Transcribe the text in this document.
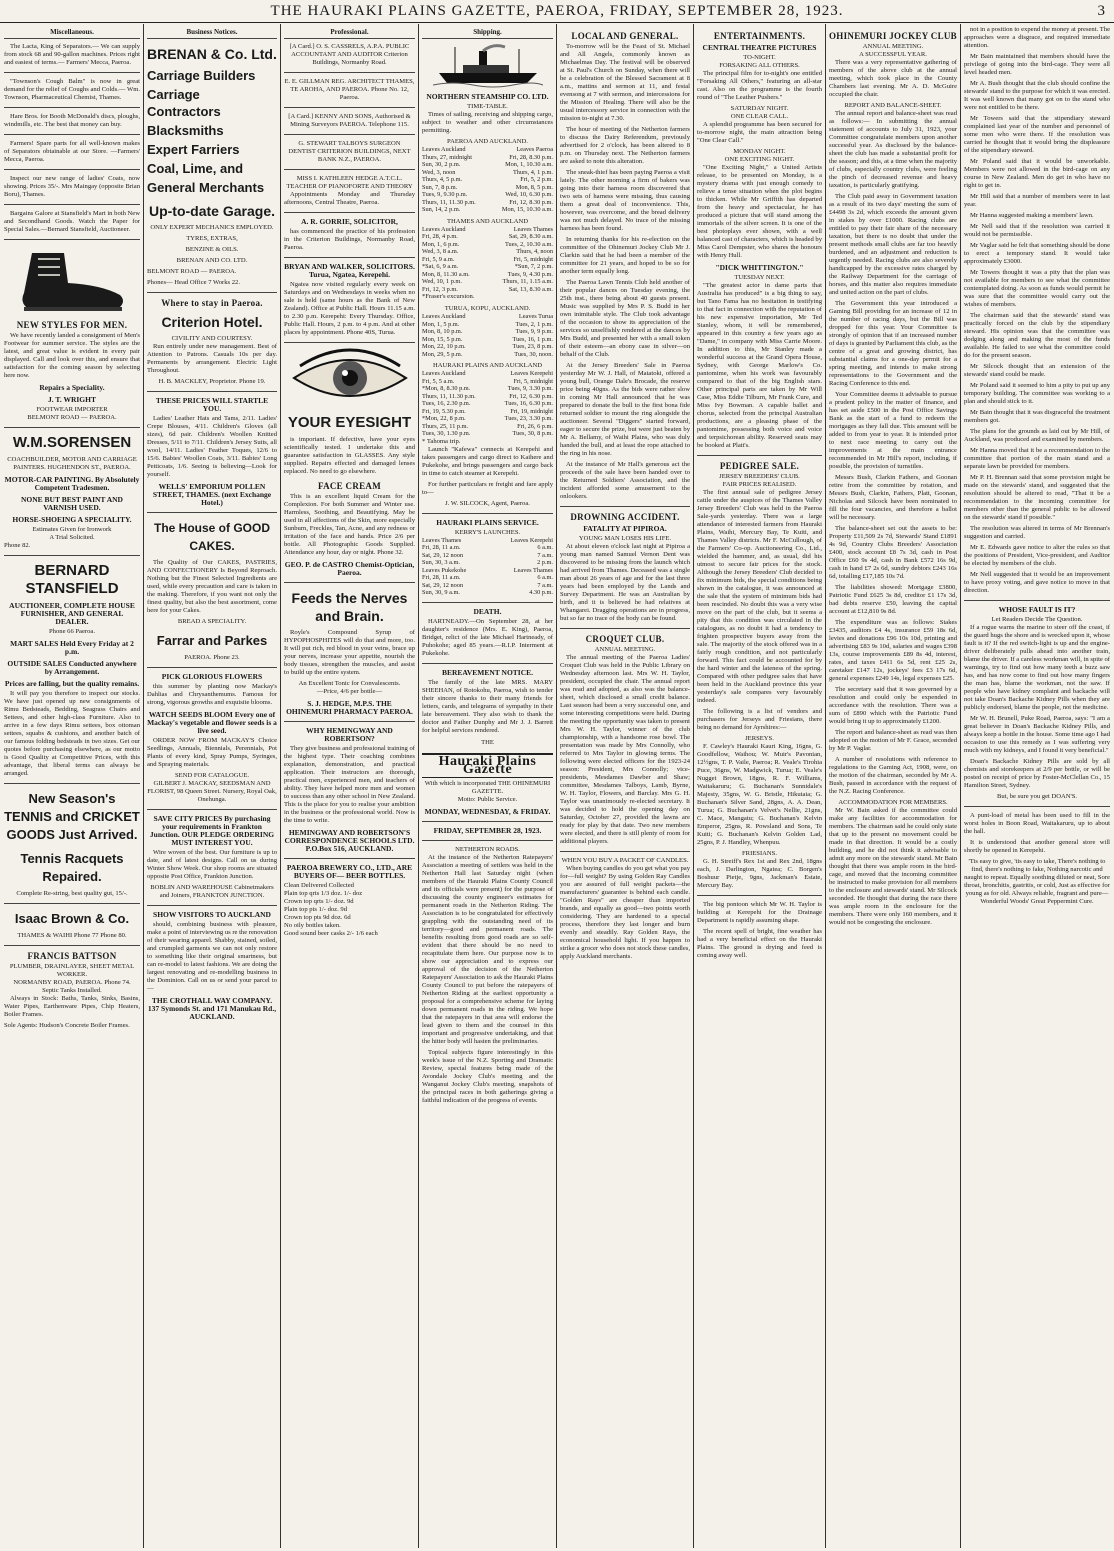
THE HAURAKI PLAINS GAZETTE, PAEROA, FRIDAY, SEPTEMBER 28, 1923.	3
Miscellaneous.

The Lacta, King of Separators.— We can supply from stock 68 and 90-gallon machines. Prices right and easiest of terms.— Farmers' Mecca, Paeroa.

"Townson's Cough Balm" is now in great demand for the relief of Coughs and Colds.— Wm. Townson, Pharmaceutical Chemist, Thames.

Hare Bros. for Booth McDonald's discs, ploughs, windmills, etc. The best that money can buy.

Farmers! Spare parts for all well-known makes of Separators obtainable at our Store. —Farmers' Mecca, Paeroa.

Inspect our new range of ladies' Coats, now showing. Prices 35/-. Mrs Maingay (opposite Brian Boru), Thames.

Bargains Galore at Stansfield's Mart in both New and Secondhand Goods. Watch the Paper for Special Sales.—Bernard Stansfield, Auctioneer.

NEW STYLES FOR MEN.

We have recently landed a consignment of Men's Footwear for summer service. The styles are the latest, and great value is evident in every pair displayed. Call and look over this, and ensure that satisfaction for the coming season by selecting here now.

Repairs a Speciality.
J. T. WRIGHT
FOOTWEAR IMPORTER
BELMONT ROAD — PAEROA.
W.M.SORENSEN
COACHBUILDER, MOTOR AND CARRIAGE PAINTERS. HUGHENDON ST., PAEROA.
MOTOR-CAR PAINTING. By Absolutely Competent Tradesmen.
NONE BUT BEST PAINT AND VARNISH USED.
HORSE-SHOEING A SPECIALITY.
Estimates Given for Ironwork
A Trial Solicited.
Phone 82.
BERNARD STANSFIELD
AUCTIONEER, COMPLETE HOUSE FURNISHER, AND GENERAL DEALER.
Phone 66 Paeroa.
MART SALES Held Every Friday at 2 p.m.
OUTSIDE SALES Conducted anywhere by Arrangement.
Prices are falling, but the quality remains.

It will pay you therefore to inspect our stocks. We have just opened up new consignments of Rimu Bedsteads, Bedding, Seagrass Chairs and Settees, and other high-class Furniture. Also to arrive in a few days Rimu settees, box ottoman settees, squabs & cushions, and another batch of our famous folding bedsteads in two sizes. Get our quotes before purchasing elsewhere, as our motto is Good Quality at Competitive Prices, with this advantage, that liberal terms can always be arranged.

New Season's TENNIS and CRICKET GOODS Just Arrived.
Tennis Racquets Repaired.
Complete Re-string, best quality gut, 15/-.
Isaac Brown & Co.
THAMES & WAIHI Phone 77 Phone 80.
FRANCIS BATTSON
PLUMBER, DRAINLAYER, SHEET METAL WORKER.
NORMANBY ROAD, PAEROA. Phone 74.
Septic Tanks Installed.

Always in Stock: Baths, Tanks, Sinks, Basins, Water Pipes, Earthenware Pipes, Chip Heaters, Boiler Frames.

Sole Agents: Hudson's Concrete Boiler Frames.
Business Notices.
BRENAN & Co. Ltd.
Carriage Builders
Carriage Contractors
Blacksmiths
Expert Farriers
Coal, Lime, and
General Merchants
Up-to-date Garage.
ONLY EXPERT MECHANICS EMPLOYED.
TYRES, EXTRAS,
BENZINE & OILS.
BRENAN AND CO. LTD.
BELMONT ROAD — PAEROA.
Phones— Head Office 7 Works 22.
Where to stay in Paeroa.
Criterion Hotel.
CIVILITY AND COURTESY.

Run entirely under new management. Best of Attention to Patrons. Casuals 10s per day. Permanents by arrangement. Electric Light Throughout.

H. B. MACKLEY, Proprietor. Phone 19.
THESE PRICES WILL STARTLE YOU.

Ladies' Leather Hats and Tams, 2/11. Ladies' Crepe Blouses, 4/11. Children's Gloves (all sizes), 6d pair. Children's Woollen Knitted Dresses, 5/11 to 7/11. Children's Jersey Suits, all wool, 14/11. Ladies' Feather Toques, 12/6 to 15/6. Babies' Woollen Coats, 3/11. Babies' Long Petticoats, 1/6. Seeing is believing—Look for yourself.

WELLS' EMPORIUM POLLEN STREET, THAMES. (next Exchange Hotel.)
The House of GOOD CAKES.

The Quality of Our CAKES, PASTRIES, AND CONFECTIONERY Is Beyond Reproach. Nothing but the Finest Selected Ingredients are used, while every precaution and care is taken in the making. Therefore, if you want not only the finest quality, but also the best assortment, come here for your Cakes.

BREAD A SPECIALITY.
Farrar and Parkes
PAEROA. Phone 23.
PICK GLORIOUS FLOWERS

this summer by planting now Mackay's Dahlias and Chrysanthemums. Famous for strong, vigorous growths and exquisite blooms.

WATCH SEEDS BLOOM Every one of Mackay's vegetable and flower seeds is a live seed.

ORDER NOW FROM MACKAY'S Choice Seedlings, Annuals, Biennials, Perennials, Pot Plants of every kind, Spray Pumps, Syringes, and Spraying materials.

SEND FOR CATALOGUE.
GILBERT J. MACKAY, SEEDSMAN AND FLORIST, 98 Queen Street. Nursery, Royal Oak, Onehunga.
SAVE CITY PRICES By purchasing your requirements in Frankton Junction. OUR PLEDGE ORDERING MUST INTEREST YOU.

Wire woven of the best. Our furniture is up to date, and of latest designs. Call on us during Winter Show Week. Our shop rooms are situated opposite Post Office, Frankton Junction.

BOBLIN AND WAREHOUSE Cabinetmakers and Joiners, FRANKTON JUNCTION.
SHOW VISITORS TO AUCKLAND

should, combining business with pleasure, make a point of interviewing us re the renovation of their wearing apparel. Shabby, stained, soiled, and crumpled garments we can not only restore to something like their original smartness, but can re-model to latest fashions. We are doing the largest renovating and re-modelling business in the Dominion. Call on us or send your parcel to—

THE CROTHALL WAY COMPANY. 137 Symonds St. and 171 Manukau Rd., AUCKLAND.
Professional.
[A Card.] O. S. CASSRELS, A.P.A. PUBLIC ACCOUNTANT AND AUDITOR Criterion Buildings, Normanby Road.
E. E. GILLMAN REG. ARCHITECT THAMES, TE AROHA, AND PAEROA. Phone No. 12, Paeroa.
[A Card.] KENNY AND SONS, Authorised & Mining Surveyors PAEROA. Telephone 115.
G. STEWART TALBOYS SURGEON DENTIST CRITERION BUILDINGS, NEXT BANK N.Z., PAEROA.
MISS I. KATHLEEN HEDGE A.T.C.L. TEACHER OF PIANOFORTE AND THEORY

Appointments Monday and Thursday afternoons, Central Theatre, Paeroa.

A. R. GORRIE, SOLICITOR,

has commenced the practice of his profession in the Criterion Buildings, Normanby Road, Paeroa.

BRYAN AND WALKER, SOLICITORS. Turua, Ngatea, Kerepehi.

Ngatea now visited regularly every week on Saturdays and on Wednesdays in weeks when no sale is held (same hours as the Bank of New Zealand). Office at Public Hall. Hours 11.15 a.m. to 2.30 p.m. Kerepehi: Every Thursday. Office, Public Hall. Hours, 2 p.m. to 4 p.m. And at other places by appointment. Phone 40S, Turua.

YOUR EYESIGHT

is important. If defective, have your eyes scientifically tested. I undertake this and guarantee satisfaction in GLASSES. Any style supplied. Repairs effected and damaged lenses replaced. No need to go elsewhere.

FACE CREAM

This is an excellent liquid Cream for the Complexion. For both Summer and Winter use. Harmless, Soothing, and Beautifying. May be used in all affections of the Skin, more especially Sunburn, Freckles, Tan, Acne, and any redness or irritation of the face and hands. Price 2/6 per bottle. All Photographic Goods Supplied. Attendance any hour, day or night. Phone 32.

GEO. P. de CASTRO Chemist-Optician, Paeroa.
Feeds the Nerves and Brain.

Royle's Compound Syrup of HYPOPHOSPHITES will do that and more, too. It will put rich, red blood in your veins, brace up your nerves, increase your appetite, nourish the body tissues, strengthen the muscles, and assist to build up the entire system.

An Excellent Tonic for Convalescents.
—Price, 4/6 per bottle—
S. J. HEDGE, M.P.S. THE OHINEMURI PHARMACY PAEROA.
WHY HEMINGWAY AND ROBERTSON?

They give business and professional training of the highest type. Their coaching combines explanation, demonstration, and practical application. Their instructors are thorough, practical men, experienced men, and teachers of ability. They have helped more men and women to success than any other school in New Zealand. This is the place for you to realise your ambition in the business or the professional world. Now is the time to write.

HEMINGWAY AND ROBERTSON'S CORRESPONDENCE SCHOOLS LTD. P.O.Box 516, AUCKLAND.
PAEROA BREWERY CO., LTD., ARE BUYERS OF— BEER BOTTLES.
Clean Delivered Collected
Plain top qrts 1/3 doz. 1/- doz
Crown top qrts 1/- doz. 9d
Plain top pts 1/- doz. 9d
Crown top pts 9d doz. 6d
No oily bottles taken.
Good sound beer casks 2/- 1/6 each
Shipping.
NORTHERN STEAMSHIP CO. LTD.
TIME-TABLE.

Times of sailing, receiving and shipping cargo, subject to weather and other circumstances permitting.

PAEROA AND AUCKLAND.
Leaves Auckland	Leaves Paeroa
Thurs, 27, midnight	Fri, 28, 8.30 p.m.
Sun, 30, 2 p.m.	Mon, 1, 10.30 a.m.
Wed, 3, noon	Thurs, 4, 1 p.m.
Thurs, 4, 5 p.m.	Fri, 5, 2 p.m.
Sun, 7, 8 p.m.	Mon, 8, 5 p.m.
Tues, 9, 9.30 p.m.	Wed, 10, 6.30 p.m.
Thurs, 11, 11.30 p.m.	Fri, 12, 8.30 p.m.
Sun, 14, 2 p.m.	Mon, 15, 10.30 a.m.
THAMES AND AUCKLAND
Leaves Auckland	Leaves Thames
Fri, 28, 4 p.m.	Sat, 29, 8.30 a.m.
Mon, 1, 6 p.m.	Tues, 2, 10.30 a.m.
Wed, 3, 8 a.m.	Thurs, 4, noon
Fri, 5, 9 a.m.	Fri, 5, midnight
*Sat, 6, 9 a.m.	*Sun, 7, 2 p.m.
Mon, 8, 11.30 a.m.	Tues, 9, 4.30 p.m.
Wed, 10, 1 p.m.	Thurs, 11, 1.15 a.m.
Fri, 12, 3 p.m.	Sat, 13, 8.30 a.m.
*Fraser's excursion.
TURUA, KOPU, AUCKLAND.
Leaves Auckland	Leaves Turua
Mon, 1, 5 p.m.	Tues, 2, 1 p.m.
Mon, 8, 10 p.m.	Tues, 9, 9 p.m.
Mon, 15, 5 p.m.	Tues, 16, 1 p.m.
Mon, 22, 10 p.m.	Tues, 23, 8 p.m.
Mon, 29, 5 p.m.	Tues, 30, noon.
HAURAKI PLAINS AND AUCKLAND
Leaves Auckland	Leaves Kerepehi
Fri, 5, 5 a.m.	Fri, 5, midnight
*Mon, 8, 8.30 p.m.	Tues, 9, 3.30 p.m.
Thurs, 11, 11.30 p.m.	Fri, 12, 6.30 p.m.
Tues, 16, 2.30 p.m.	Tues, 16, 6.30 p.m.
Fri, 19, 5.30 p.m.	Fri, 19, midnight
*Mon, 22, 8 p.m.	Tues, 23, 3.30 p.m.
Thurs, 25, 11 p.m.	Fri, 26, 6 p.m.
Tues, 30, 1.30 p.m.	Tues, 30, 8 p.m.
* Tahoma trip.

Launch "Kafewa" connects at Kerepehi and takes passengers and cargo direct to Kaihere and Pukekohe, and brings passengers and cargo back in time to catch steamer at Kerepehi.

For further particulars re freight and fare apply to—

J. W. SILCOCK, Agent, Paeroa.
HAURAKI PLAINS SERVICE.
KERRY'S LAUNCHES.
Leaves Thames	Leaves Kerepehi
Fri, 28, 11 a.m.	6 a.m.
Sat, 29, 12 noon	7 a.m.
Sun, 30, 3 a.m.	2 p.m.
Leaves Pukekohe	Leaves Thames
Fri, 28, 11 a.m.	6 a.m.
Sat, 29, 12 noon	7 a.m.
Sun, 30, 9 a.m.	4.30 p.m.
DEATH.

HARTNEADY.—On September 28, at her daughter's residence (Mrs. E. King), Paeroa, Bridget, relict of the late Michael Hartneady, of Puhokohe; aged 85 years.—R.I.P. Interment at Pukekohe.

BEREAVEMENT NOTICE.

The family of the late MRS. MARY SHEEHAN, of Rotokohu, Paeroa, wish to tender their sincere thanks to their many friends for letters, cards, and telegrams of sympathy in their late bereavement. They also wish to thank the doctor and Father Dunphy and Mr J. J. Barrett for helpful services rendered.

THE
Hauraki Plains Gazette
With which is incorporated THE OHINEMURI GAZETTE.
Motto: Public Service.
MONDAY, WEDNESDAY, & FRIDAY.
FRIDAY, SEPTEMBER 28, 1923.
NETHERTON ROADS.

At the instance of the Netherton Ratepayers' Association a meeting of settlers was held in the Netherton Hall last Saturday night (when members of the Hauraki Plains County Council and its officials were present) for the purpose of discussing the county engineer's estimates for permanent roads in the Netherton Riding. The Association is to be congratulated for effectively grappling with the outstanding need of its territory—good and permanent roads. The benefits resulting from good roads are so self-evident that there should be no need to recapitulate them here. Our purpose now is to show our appreciation and to express our approval of the decision of the Netherton Ratepayers' Association to ask the Hauraki Plains County Council to put before the ratepayers of Netherton Riding at the earliest opportunity a proposal for a comprehensive scheme for laying down permanent roads in the riding. We hope that the ratepayers in that area will endorse the lead given to them and the counsel in this important and progressive undertaking, and that the hitter body will hasten the preliminaries.

Topical subjects figure interestingly in this week's issue of the N.Z. Sporting and Dramatic Review, special features being made of the Avondale Jockey Club's meeting and the Wanganui Jockey Club's meeting, snapshots of the principal races in both gatherings giving a faithful indication of the progress of events.

LOCAL AND GENERAL.

To-morrow will be the Feast of St. Michael and All Angels, commonly known as Michaelmas Day. The festival will be observed at St. Paul's Church on Sunday, when there will be a celebration of the Blessed Sacrament at 8 a.m., mattins and sermon at 11, and festal evensong at 7 with sermon, and intercessions for the Mission of Healing. There will also be the usual intercessory service in connection with the mission to-night at 7.30.

The hour of meeting of the Netherton farmers to discuss the Dairy Referendum, previously advertised for 2 o'clock, has been altered to 8 p.m. on Thursday next. The Netherton farmers are asked to note this alteration.

The sneak-thief has been paying Paeroa a visit lately. The other morning a firm of bakers was going into their harness room discovered that two sets of harness were missing, thus causing them a great deal of inconvenience. This, however, was overcome, and the bread delivery was not much delayed. No trace of the missing harness has been found.

In returning thanks for his re-election on the committee of the Ohinemuri Jockey Club Mr J. Clarkin said that he had been a member of the committee for 21 years, and hoped to be so for another term equally long.

The Paeroa Lawn Tennis Club held another of their popular dances on Tuesday evening, the 25th inst., there being about 40 guests present. Music was supplied by Mrs P. S. Budd in her own inimitable style. The Club took advantage of the occasion to show its appreciation of the services so unselfishly rendered at the dances by Mrs Budd, and presented her with a small token of their esteem—an ebony case in silver—on behalf of the Club.

At the Jersey Breeders' Sale in Paeroa yesterday Mr W. J. Hall, of Matatoki, offered a young bull, Orange Dale's Brocade, the reserve price being 40gns. As the bids were rather slow in coming Mr Hall announced that he was prepared to donate the bull to the first bona fide returned soldier to mount the ring alongside the auctioneer. Several "Diggers" started forward, eager to secure the prize, but were just beaten by Mr A. Bellamy, of Waihi Plains, who was duly handed the bull, and at least the rope attached to the ring in his nose.

At the instance of Mr Hall's generous act the proceeds of the sale have been handed over to the Returned Soldiers' Association, and the incident afforded some amusement to the onlookers.

DROWNING ACCIDENT.
FATALITY AT PIPIROA.
YOUNG MAN LOSES HIS LIFE.

At about eleven o'clock last night at Pipiroa a young man named Samuel Vernon Dent was discovered to be missing from the launch which had arrived from Thames. Deceased was a single man about 26 years of age and for the last three years had been employed by the Lands and Survey Department. He was an Australian by birth, and it is believed he had relatives at Whangarei. Dragging operations are in progress, but so far no trace of the body can be found.

CROQUET CLUB.
ANNUAL MEETING.

The annual meeting of the Paeroa Ladies' Croquet Club was held in the Public Library on Wednesday afternoon last. Mrs W. H. Taylor, president, occupied the chair. The annual report was read and adopted, as also was the balance-sheet, which disclosed a small credit balance. Last season had been a very successful one, and some interesting competitions were held. During the meeting the opportunity was taken to present Mrs W. H. Taylor, winner of the club championship, with a handsome rose bowl. The presentation was made by Mrs Connolly, who referred to Mrs Taylor in glowing terms. The following were elected officers for the 1923-24 season: President, Mrs Connolly; vice-presidents, Mesdames Dawber and Shaw; committee, Mesdames Talboys, Lamb, Byrne, W. H. Taylor, Flowers, and Barclay. Mrs G. H. Taylor was unanimously re-elected secretary. It was decided to hold the opening day on Saturday, October 27, provided the lawns are ready for play by that date. Two new members were elected, and there is still plenty of room for additional players.

WHEN YOU BUY A PACKET OF CANDLES.

When buying candles do you get what you pay for—full weight? By using Golden Ray Candles you are assured of full weight packets—the manufacturers' guarantee is behind each candle. "Golden Rays" are cheaper than imported brands, and equally as good—two points worth considering. They are hardened to a special process, therefore they last longer and burn evenly and steadily. Ray Golden Rays, the economical household light. If you happen to strike a grocer who does not stock these candles, apply Auckland merchants.

ENTERTAINMENTS.
CENTRAL THEATRE PICTURES
TO-NIGHT.
FORSAKING ALL OTHERS.

The principal film for to-night's one entitled "Forsaking All Others," featuring an all-star cast. Also on the programme is the fourth round of "The Leather Pushers."

SATURDAY NIGHT.
ONE CLEAR CALL.

A splendid programme has been secured for to-morrow night, the main attraction being "One Clear Call."

MONDAY NIGHT.
ONE EXCITING NIGHT.

"One Exciting Night," a United Artists release, to be presented on Monday, is a mystery drama with just enough comedy to relieve a tense situation when the plot begins to thicken. While Mr Griffith has departed from the heavy and spectacular, he has produced a picture that will stand among the immortals of the silver screen. It is one of the best photoplays ever shown, with a well balanced cast of characters, which is headed by Miss Carol Dempster, who shares the honours with Henry Hull.

"DICK WHITTINGTON."
TUESDAY NEXT.

"The greatest actor in dame parts that Australia has produced" is a big thing to say, but Tano Fama has no hesitation in testifying to that fact in connection with the reputation of his new expensive importation, Mr Ted Stanley, whom, it will be remembered, appeared in this country a few years ago as "Dame," in company with Miss Carrie Moore. In addition to this, Mr Stanley made a wonderful success at the Grand Opera House, Sydney, with George Marlow's Co. pantomime, when his work was favourably compared to that of the big English stars. Other principal parts are taken by Mr Will Case, Miss Eddie Tilburn, Mr Frank Cure, and Miss Ivy Bowman. A capable ballet and chorus, selected from the principal Australian productions, are a pleasing phase of the pantomime, possessing both voice and voice and terpsichorean ability. Reserved seats may be booked at Platt's.

PEDIGREE SALE.
JERSEY BREEDERS' CLUB.
FAIR PRICES REALISED.

The first annual sale of pedigree Jersey cattle under the auspices of the Thames Valley Jersey Breeders' Club was held in the Paeroa Sale-yards yesterday. There was a large attendance of interested farmers from Hauraki Plains, Waihi, Mercury Bay, Te Kuiti, and Thames Valley districts. Mr F. McCullough, of the Farmers' Co-op. Auctioneering Co., Ltd., wielded the hammer, and, as usual, did his utmost to secure fair prices for the stock. Although the Jersey Breeders' Club decided to fix minimum bids, the special conditions being shown in the catalogue, it was announced at the sale that the system of minimum bids had been rescinded. No doubt this was a very wise move on the part of the club, but it seems a pity that this condition was circulated in the catalogues, as no doubt it had a tendency to frighten prospective buyers away from the sale. The majority of the stock offered was in a fairly rough condition, and not particularly forward. This fact could be accounted for by the hard winter and the lateness of the spring. Compared with other pedigree sales that have been held in the Auckland province this year yesterday's sale compares very favourably indeed.

The following is a list of vendors and purchasers for Jerseys and Friesians, there being no demand for Ayrshires:—

JERSEYS.

F. Cawley's Hauraki Kauri King, 16gns, G. Goodfellow, Waihou; W. Muir's Pavonian, 12½gns, T. P. Vaile, Paeroa; R. Veale's Tirohia Puce, 36gns, W. Madgwick, Turua; E. Veale's Nugget Brown, 18gns, R. F. Williams, Waitakaruru; G. Buchanan's Sunnidale's Majesty, 35gns, W. G. Bristle, Hikutaia; G. Buchanan's Silver Sand, 28gns, A. A. Dean, Turua; G. Buchanan's Velvet's Nellie, 21gns, C. Mace, Mangatu; G. Buchanan's Kelvin Emperor, 25gns, R. Powsland and Sons, Te Kuiti; G. Buchanan's Kelvin Golden Lad, 25gns, P. J. Handley, Whenpuu.

FRIESIANS.

G. H. Streiff's Rex 1st and Rex 2nd, 18gns each, J. Darlington, Ngatea; C. Borgen's Boshuur Pietje, 9gns, Jackman's Estate, Mercury Bay.

The big pontoon which Mr W. H. Taylor is building at Kerepehi for the Drainage Department is rapidly assuming shape.

The recent spell of bright, fine weather has had a very beneficial effect on the Hauraki Plains. The ground is drying and feed is coming away well.

OHINEMURI JOCKEY CLUB
ANNUAL MEETING.
A SUCCESSFUL YEAR.

There was a very representative gathering of members of the above club at the annual meeting, which took place in the County Chambers last evening. Mr A. D. McGuire occupied the chair.

REPORT AND BALANCE-SHEET.

The annual report and balance-sheet was read as follows:— In submitting the annual statement of accounts to July 31, 1923, your Committee congratulate members upon another successful year. As disclosed by the balance-sheet the club has made a substantial profit for the season; and this, at a time when the majority of clubs, especially country clubs, were feeling the pinch of decreased revenue and heavy taxation, is particularly gratifying.

The Club paid away in Government taxation as a result of its two days' meeting the sum of £4498 3s 2d, which exceeds the amount given in stakes by over £1000. Racing clubs are entitled to pay their fair share of the necessary taxation, but there is no doubt that under the present methods small clubs are far too heavily burdened, and an adjustment and reduction is urgently needed. Racing clubs are also severely handicapped by the excessive rates charged by the Railway Department for the carriage of horses, and this matter also requires immediate and united action on the part of clubs.

The Government this year introduced a Gaming Bill providing for an increase of 12 in the number of racing days, but the Bill was dropped for this year. Your Committee is strongly of opinion that if an increased number of days is granted by Parliament this club, as the centre of a great and growing district, has substantial claims for a one-day permit for a spring meeting, and intends to make strong representations to the Government and the Racing Conference to this end.

Your Committee deems it advisable to pursue a prudent policy in the matter of finance, and has set aside £500 in the Post Office Savings Bank as the start of a fund to redeem the mortgages as they fall due. This amount will be added to from year to year. It is intended prior to next race meeting to carry out the improvements at the main entrance recommended in Mr Hill's report, including, if possible, the provision of turnstiles.

Messrs Bush, Clarkin Fathers, and Goonan retire from the committee by rotation, and Messrs Bush, Clarkin, Fathers, Platt, Goonan, Nicholas and Silcock have been nominated to fill the four vacancies, and therefore a ballot will be necessary.

The balance-sheet set out the assets to be: Property £11,509 2s 7d, Stewards' Stand £1891 4s 9d, Country Clubs Breeders' Association £400, stock account £8 7s 3d, cash in Post Office £60 9s 4d, cash in Bank £572 16s 9d, cash in hand £7 2s 6d, sundry debtors £243 16s 6d, totalling £17,185 10s 7d.

The liabilities showed: Mortgage £3800, Patriotic Fund £625 3s 8d, creditor £1 17s 3d, bad debts reserve £50, leaving the capital account at £12,810 9s 8d.

The expenditure was as follows: Stakes £3435, auditors £4 4s, insurance £59 18s 6d, levies and donations £96 10s 10d, printing and advertising £83 9s 10d, salaries and wages £398 13s, course improvements £89 8s 4d, interest, rates, and taxes £411 6s 5d, rent £25 2s, caretaker £147 12s, jockeys' fees £3 17s 6d, general expenses £249 14s, legal expenses £25.

The secretary said that it was governed by a resolution and could only be expended in accordance with the resolution. There was a sum of £890 which with the Patriotic Fund would bring it up to approximately £1200.

The report and balance-sheet as read was then adopted on the motion of Mr F. Grace, seconded by Mr P. Vaglar.

A number of resolutions with reference to regulations to the Gaming Act, 1908, were, on the motion of the chairman, seconded by Mr A. Bush, passed in accordance with the request of the N.Z. Racing Conference.

ACCOMMODATION FOR MEMBERS.

Mr W. Bain asked if the committee could make any facilities for accommodation for members. The chairman said he could only state that up to the present no movement could be made in that direction. It would be a costly building, and he did not think it advisable to admit any more on the stewards' stand. Mr Bain thought that there was ample room in the bird-cage, and moved that the incoming committee be instructed to make provision for all members to the enclosure and stewards' stand. Mr Silcock seconded. He thought that during the race there was ample room in the enclosure for the members. There were only 160 members, and it would not be congesting the enclosure.

not in a position to expend the money at present. The approaches were a disgrace, and required immediate attention.

Mr Bain maintained that members should have the privilege of going into the bird-cage. They were all level headed men.

Mr A. Bush thought that the club should confine the stewards' stand to the purpose for which it was erected. It was well known that many got on to the stand who were not entitled to be there.

Mr Towers said that the stipendiary steward complained last year of the number and personnel of some men who were there. If the resolution was carried he thought that it would bring the displeasure of the stipendiary steward.

Mr Poland said that it would be unworkable. Members were not allowed in the bird-cage on any course in New Zealand. Men do get in who have no right to get in.

Mr Hill said that a number of members were in last year.

Mr Hanna suggested making a members' lawn.

Mr Nell said that if the resolution was carried it would not be permissible.

Mr Vaglar said he felt that something should be done to erect a temporary stand. It would take approximately £3000.

Mr Towers thought it was a pity that the plan was not available for members to see what the committee contemplated doing. As soon as funds would permit he was sure that the committee would carry out the wishes of members.

The chairman said that the stewards' stand was practically forced on the club by the stipendiary steward. His opinion was that the committee was dodging along and making the most of the funds available. He failed to see what the committee could do for the present season.

Mr Silcock thought that an extension of the stewards' stand could be made.

Mr Poland said it seemed to him a pity to put up any temporary building. The committee was working to a plan and should stick to it.

Mr Bain thought that it was disgraceful the treatment members got.

The plans for the grounds as laid out by Mr Hill, of Auckland, was produced and examined by members.

Mr Hanna moved that it be a recommendation to the committee that portion of the main stand and a separate lawn be provided for members.

Mr P. H. Brennan said that some provision might be made on the stewards' stand, and suggested that the resolution should be altered to read, "That it be a recommendation to the incoming committee for members other than the general public to be allowed on the stewards' stand if possible."

The resolution was altered in terms of Mr Brennan's suggestion and carried.

Mr E. Edwards gave notice to alter the rules so that the positions of President, Vice-president, and Auditor be elected by members of the club.

Mr Nell suggested that it would be an improvement to have proxy voting, and gave notice to move in that direction.

WHOSE FAULT IS IT?
Let Readers Decide The Question.

If a rogue warns the marine to steer off the coast, if the guard hugs the shore and is wrecked upon it, whose fault is it? If the red switch-light is up and the engine-driver deliberately pulls ahead into another train, blame the driver. If a careless workman will, in spite of warnings, try to find out how many teeth a buzz saw has, and has now come to find out how many fingers the man has, blame the workman, not the saw. If people who have kidney complaint and backache will not take Doan's Backache Kidney Pills when they are publicly endorsed, blame the people, not the medicine.

Mr W. H. Brunell, Puke Road, Paeroa, says: "I am a great believer in Doan's Backache Kidney Pills, and always keep a bottle in the house. Some time ago I had occasion to use this remedy as I was suffering very much with my kidneys, and I found it very beneficial."

Doan's Backache Kidney Pills are sold by all chemists and storekeepers at 2/9 per bottle, or will be posted on receipt of price by Foster-McClellan Co., 15 Hamilton Street, Sydney.

But, be sure you get DOAN'S.

A punt-load of metal has been used to fill in the worst holes in Boon Road, Waitakaruru, up to about the hall.

It is understood that another general store will shortly be opened in Kerepehi.

'Tis easy to give, 'tis easy to take, There's nothing to find, there's nothing to fake, Nothing narcotic and naught to repeat. Equally soothing diluted or neat, Sore throat, bronchitis, gastritis, or cold, Just as effective for young as for old. Always reliable, fragrant and pure— Wonderful Woods' Great Peppermint Cure.
